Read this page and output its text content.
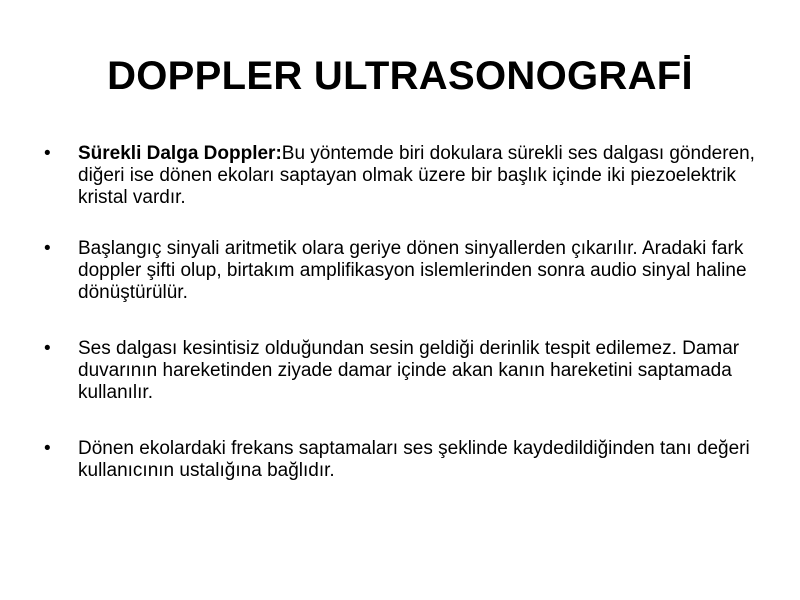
DOPPLER ULTRASONOGRAFİ
• Sürekli Dalga Doppler:Bu yöntemde biri dokulara sürekli ses dalgası gönderen, diğeri ise dönen ekoları saptayan olmak üzere bir başlık içinde iki piezoelektrik kristal vardır.
• Başlangıç sinyali aritmetik olara geriye dönen sinyallerden çıkarılır. Aradaki fark doppler şifti olup, birtakım amplifikasyon islemlerinden sonra audio sinyal haline dönüştürülür.
• Ses dalgası kesintisiz olduğundan sesin geldiği derinlik tespit edilemez. Damar duvarının hareketinden ziyade damar içinde akan kanın hareketini saptamada kullanılır.
• Dönen ekolardaki frekans saptamaları ses şeklinde kaydedildiğinden tanı değeri kullanıcının ustalığına bağlıdır.
